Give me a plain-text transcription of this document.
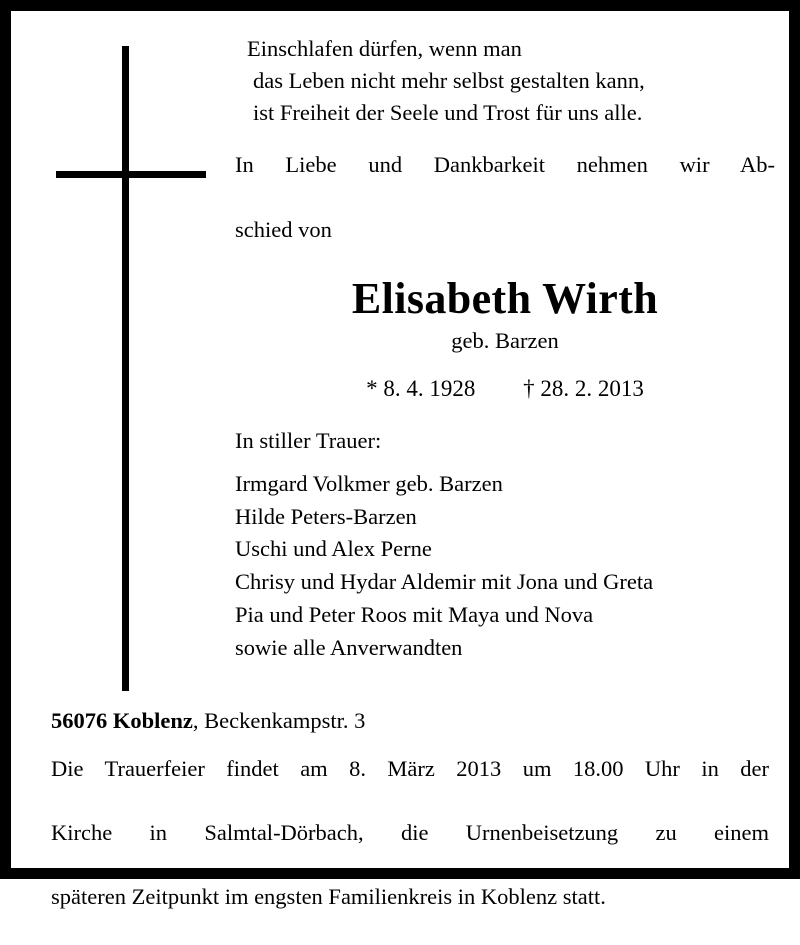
Einschlafen dürfen, wenn man
das Leben nicht mehr selbst gestalten kann,
ist Freiheit der Seele und Trost für uns alle.
In Liebe und Dankbarkeit nehmen wir Ab-
schied von
Elisabeth Wirth
geb. Barzen
* 8. 4. 1928 † 28. 2. 2013
In stiller Trauer:
Irmgard Volkmer geb. Barzen
Hilde Peters-Barzen
Uschi und Alex Perne
Chrisy und Hydar Aldemir mit Jona und Greta
Pia und Peter Roos mit Maya und Nova
sowie alle Anverwandten
56076 Koblenz, Beckenkampstr. 3

Die Trauerfeier findet am 8. März 2013 um 18.00 Uhr in der

Kirche in Salmtal-Dörbach, die Urnenbeisetzung zu einem

späteren Zeitpunkt im engsten Familienkreis in Koblenz statt.
